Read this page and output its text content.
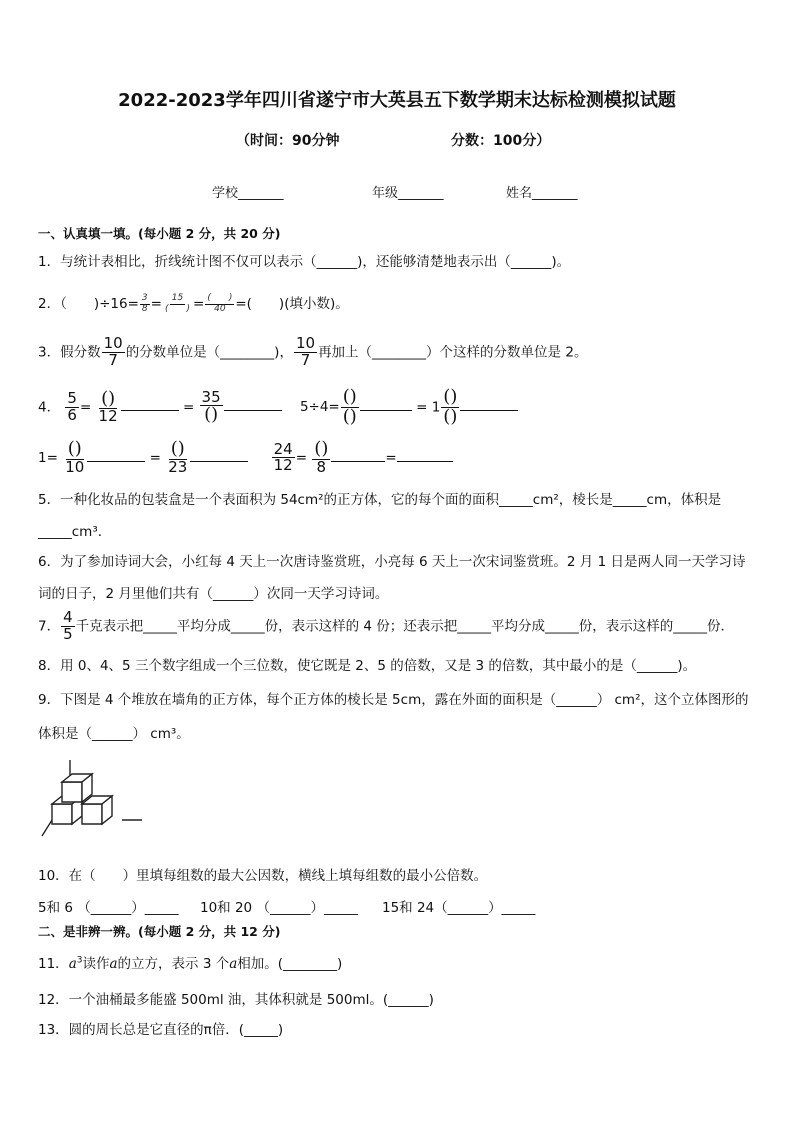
2022-2023学年四川省遂宁市大英县五下数学期末达标检测模拟试题
（时间：90分钟	分数：100分）
学校_______	年级_______	姓名_______
一、认真填一填。(每小题 2 分，共 20 分)
1．与统计表相比，折线统计图不仅可以表示（______)，还能够清楚地表示出（______)。
2．（　　)$\div 16= \frac{3}{8} = \frac{15}{( )} = \frac{( )}{40}$ =(　　)(填小数)。
3．假分数 $\frac{10}{7}$ 的分数单位是（________)， $\frac{10}{7}$ 再加上（________）个这样的分数单位是 2。
4． $\frac{5}{6} = \frac{()}{12}$	= $\frac{35}{()}$	$5\div 4= \frac{()}{()}$	= $1 \frac{()}{()}$
$1= \frac{()}{10}$	= $\frac{()}{23}$
	$\frac{24}{12} = \frac{()}{8}$	=
5．一种化妆品的包装盒是一个表面积为 54cm²的正方体，它的每个面的面积_____cm²，棱长是_____cm，体积是
_____cm³．
6．为了参加诗词大会，小红每 4 天上一次唐诗鉴赏班，小亮每 6 天上一次宋词鉴赏班。2 月 1 日是两人同一天学习诗
词的日子，2 月里他们共有（______）次同一天学习诗词。
7． $\frac{4}{5}$ 千克表示把_____平均分成_____份，表示这样的 4 份；还表示把_____平均分成_____份，表示这样的_____份．
8．用 0、4、5 三个数字组成一个三位数，使它既是 2、5 的倍数，又是 3 的倍数，其中最小的是（______)。
9．下图是 4 个堆放在墙角的正方体，每个正方体的棱长是 5cm，露在外面的面积是（______） cm²，这个立体图形的
体积是（______） cm³。
10．在（　　）里填每组数的最大公因数，横线上填每组数的最小公倍数。
5和 6 （______）_____ 10和 20 （______）_____ 15和 24（______）_____
二、是非辨一辨。(每小题 2 分，共 12 分)
11．$a^3$读作a的立方，表示 3 个a相加。(________)
12．一个油桶最多能盛 500ml 油，其体积就是 500ml。(______)
13．圆的周长总是它直径的π倍．(_____)
